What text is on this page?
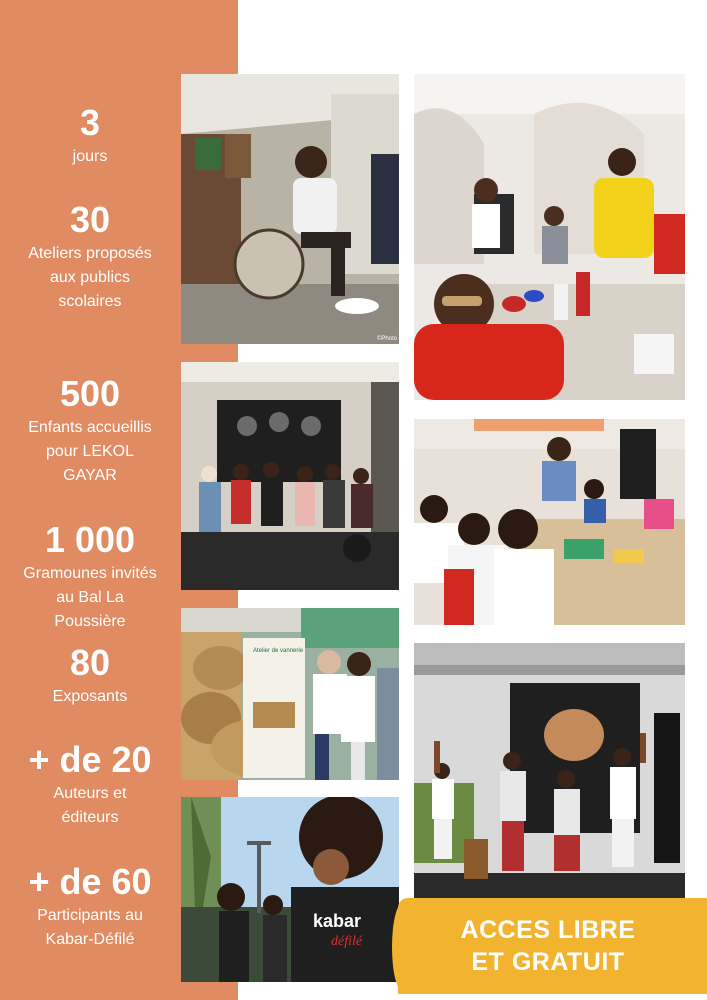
3
jours
30
Ateliers proposés
aux publics
scolaires
500
Enfants accueillis
pour LEKOL
GAYAR
1 000
Gramounes invités
au Bal La
Poussière
80
Exposants
+ de 20
Auteurs et
éditeurs
+ de 60
Participants au
Kabar-Défilé
©Photo
Atelier de vannerie
kabar
défilé	ACCES LIBRE
ET GRATUIT
